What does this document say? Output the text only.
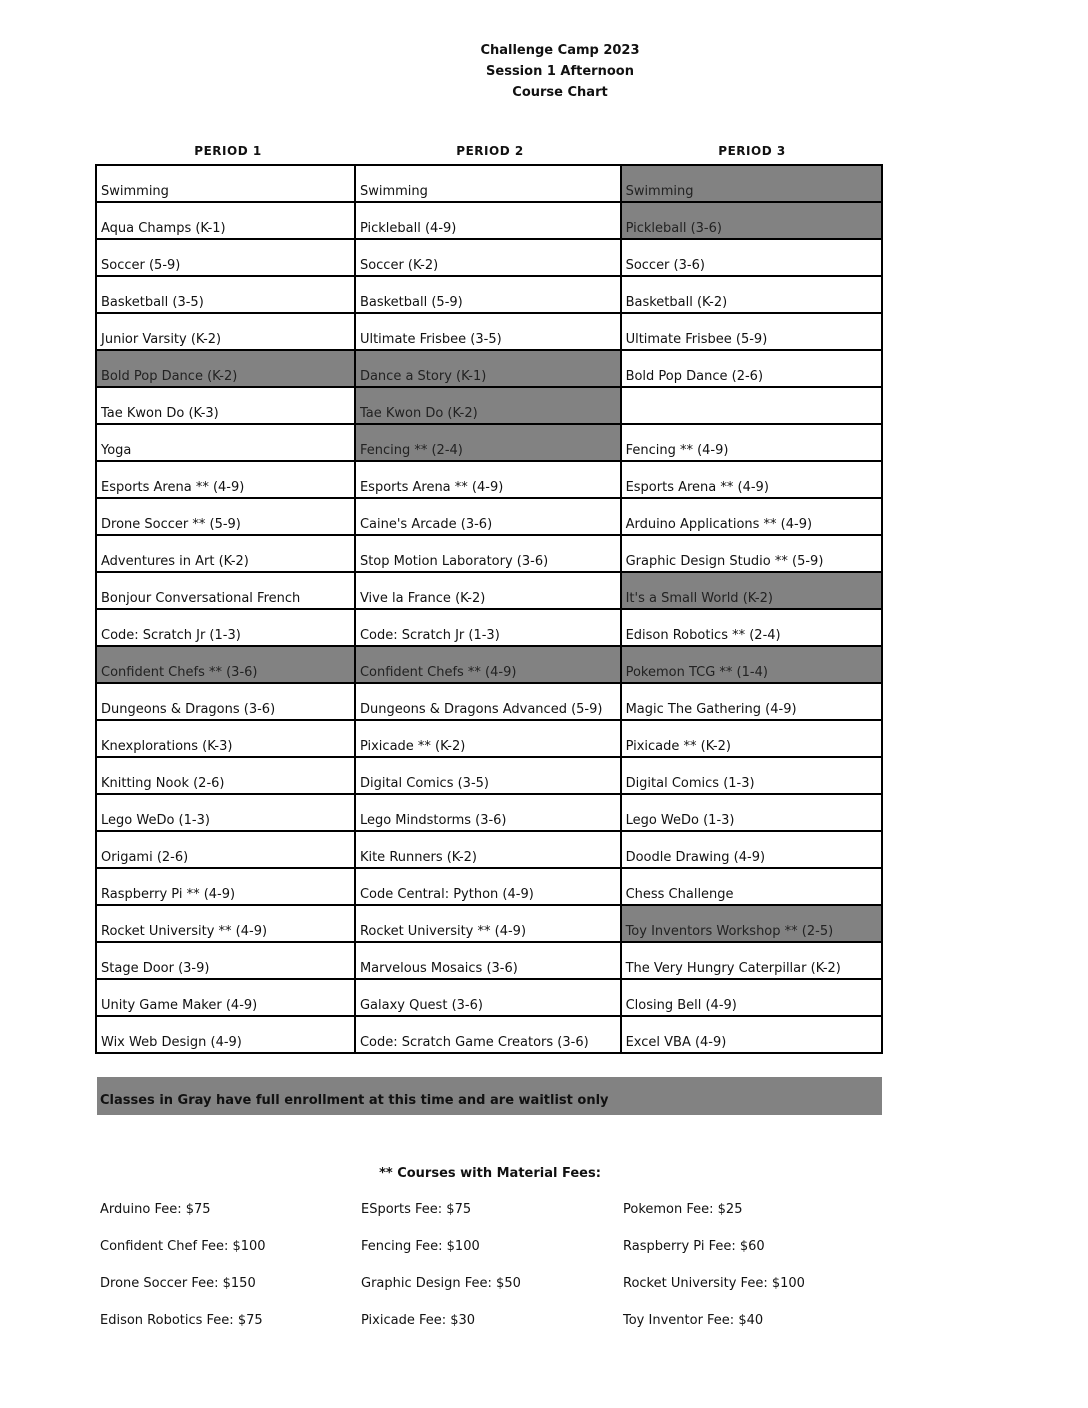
Challenge Camp 2023
Session 1 Afternoon
Course Chart
PERIOD 1	PERIOD 2	PERIOD 3
Swimming	Swimming	Swimming
Aqua Champs (K-1)	Pickleball (4-9)	Pickleball (3-6)
Soccer (5-9)	Soccer (K-2)	Soccer (3-6)
Basketball (3-5)	Basketball (5-9)	Basketball (K-2)
Junior Varsity (K-2)	Ultimate Frisbee (3-5)	Ultimate Frisbee (5-9)
Bold Pop Dance (K-2)	Dance a Story (K-1)	Bold Pop Dance (2-6)
Tae Kwon Do (K-3)	Tae Kwon Do (K-2)	
Yoga	Fencing ** (2-4)	Fencing ** (4-9)
Esports Arena ** (4-9)	Esports Arena ** (4-9)	Esports Arena ** (4-9)
Drone Soccer ** (5-9)	Caine's Arcade (3-6)	Arduino Applications ** (4-9)
Adventures in Art (K-2)	Stop Motion Laboratory (3-6)	Graphic Design Studio ** (5-9)
Bonjour Conversational French	Vive la France (K-2)	It's a Small World (K-2)
Code: Scratch Jr (1-3)	Code: Scratch Jr (1-3)	Edison Robotics ** (2-4)
Confident Chefs ** (3-6)	Confident Chefs ** (4-9)	Pokemon TCG ** (1-4)
Dungeons & Dragons (3-6)	Dungeons & Dragons Advanced (5-9)	Magic The Gathering (4-9)
Knexplorations (K-3)	Pixicade ** (K-2)	Pixicade ** (K-2)
Knitting Nook (2-6)	Digital Comics (3-5)	Digital Comics (1-3)
Lego WeDo (1-3)	Lego Mindstorms (3-6)	Lego WeDo (1-3)
Origami (2-6)	Kite Runners (K-2)	Doodle Drawing (4-9)
Raspberry Pi ** (4-9)	Code Central: Python (4-9)	Chess Challenge
Rocket University ** (4-9)	Rocket University ** (4-9)	Toy Inventors Workshop ** (2-5)
Stage Door (3-9)	Marvelous Mosaics (3-6)	The Very Hungry Caterpillar (K-2)
Unity Game Maker (4-9)	Galaxy Quest (3-6)	Closing Bell (4-9)
Wix Web Design (4-9)	Code: Scratch Game Creators (3-6)	Excel VBA (4-9)
Classes in Gray have full enrollment at this time and are waitlist only
** Courses with Material Fees:
Arduino Fee: $75	ESports Fee: $75	Pokemon Fee: $25
Confident Chef Fee: $100	Fencing Fee: $100	Raspberry Pi Fee: $60
Drone Soccer Fee: $150	Graphic Design Fee: $50	Rocket University Fee: $100
Edison Robotics Fee: $75	Pixicade Fee: $30	Toy Inventor Fee: $40
